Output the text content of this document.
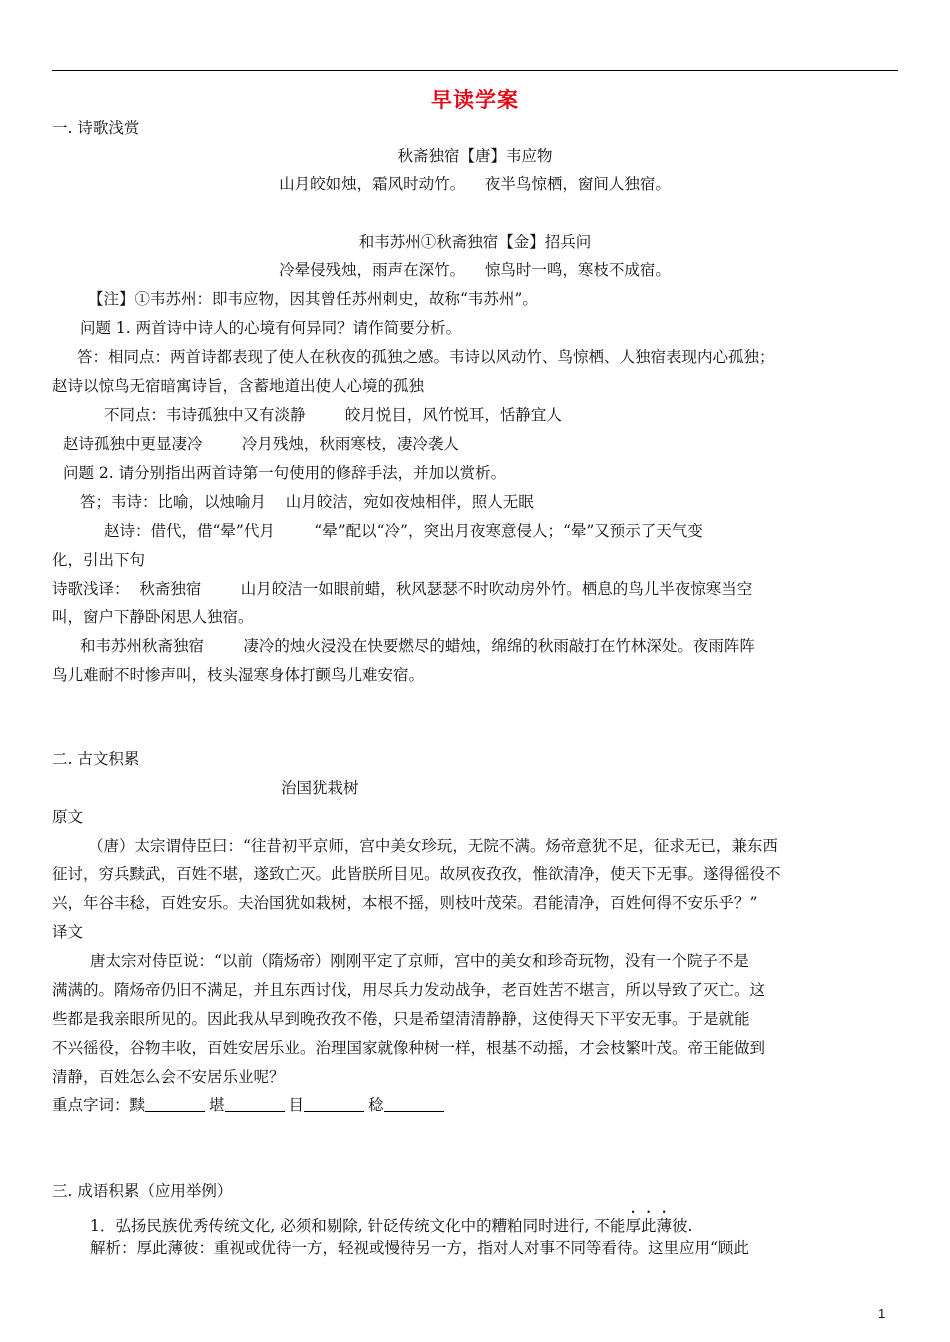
早读学案
一. 诗歌浅赏
秋斋独宿【唐】韦应物
山月皎如烛，霜风时动竹。    夜半鸟惊栖，窗间人独宿。
和韦苏州①秋斋独宿【金】招兵问
冷晕侵残烛，雨声在深竹。    惊鸟时一鸣，寒枝不成宿。
【注】①韦苏州：即韦应物，因其曾任苏州刺史，故称“韦苏州”。
问题 1. 两首诗中诗人的心境有何异同？请作简要分析。
答：相同点：两首诗都表现了使人在秋夜的孤独之感。韦诗以风动竹、鸟惊栖、人独宿表现内心孤独；
赵诗以惊鸟无宿暗寓诗旨，含蓄地道出使人心境的孤独
不同点：韦诗孤独中又有淡静        皎月悦目，风竹悦耳，恬静宜人
赵诗孤独中更显凄冷        冷月残烛，秋雨寒枝，凄冷袭人
问题 2. 请分别指出两首诗第一句使用的修辞手法，并加以赏析。
答；韦诗：比喻，以烛喻月    山月皎洁，宛如夜烛相伴，照人无眠
赵诗：借代，借“晕”代月        “晕”配以“冷”，突出月夜寒意侵人；“晕”又预示了天气变
化，引出下句
诗歌浅译：  秋斋独宿        山月皎洁一如眼前蜡，秋风瑟瑟不时吹动房外竹。栖息的鸟儿半夜惊寒当空
叫，窗户下静卧闲思人独宿。
和韦苏州秋斋独宿        凄冷的烛火浸没在快要燃尽的蜡烛，绵绵的秋雨敲打在竹林深处。夜雨阵阵
鸟儿难耐不时惨声叫，枝头湿寒身体打颤鸟儿难安宿。
二. 古文积累
治国犹栽树
原文
（唐）太宗谓侍臣曰：“往昔初平京师，宫中美女珍玩，无院不满。炀帝意犹不足，征求无已，兼东西
征讨，穷兵黩武，百姓不堪，遂致亡灭。此皆朕所目见。故夙夜孜孜，惟欲清净，使天下无事。遂得徭役不
兴，年谷丰稔，百姓安乐。夫治国犹如栽树，本根不摇，则枝叶茂荣。君能清净，百姓何得不安乐乎？”
译文
唐太宗对侍臣说：“以前（隋炀帝）刚刚平定了京师，宫中的美女和珍奇玩物，没有一个院子不是
满满的。隋炀帝仍旧不满足，并且东西讨伐，用尽兵力发动战争，老百姓苦不堪言，所以导致了灭亡。这
些都是我亲眼所见的。因此我从早到晚孜孜不倦，只是希望清清静静，这使得天下平安无事。于是就能
不兴徭役，谷物丰收，百姓安居乐业。治理国家就像种树一样，根基不动摇，才会枝繁叶茂。帝王能做到
清静，百姓怎么会不安居乐业呢？
重点字词：黩	堪	目	稔
三. 成语积累（应用举例）
1．弘扬民族优秀传统文化, 必须和剔除, 针砭传统文化中的糟粕同时进行, 不能厚此薄彼.
解析：厚此薄彼：重视或优待一方，轻视或慢待另一方，指对人对事不同等看待。这里应用“顾此
1
